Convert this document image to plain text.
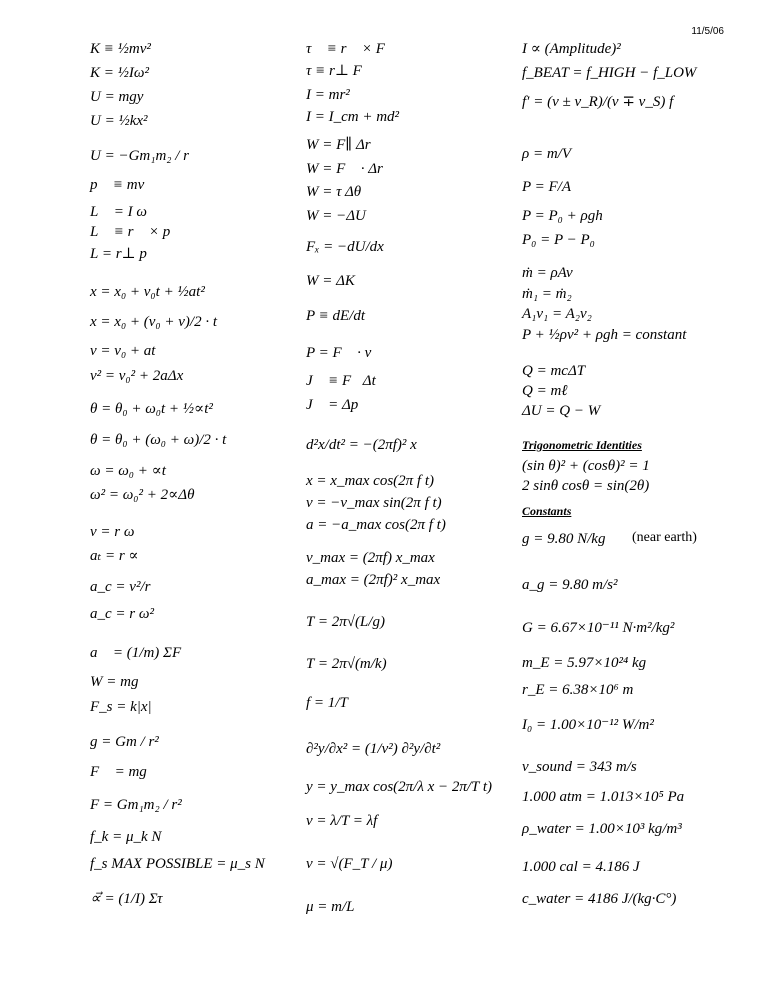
11/5/06
K ≡ ½mv²
K = ½Iω²
U = mgy
U = ½kx²
U = −Gm₁m₂ / r
p⃗ ≡ mv⃗
L⃗ = I ω⃗
L⃗ ≡ r⃗ × p⃗
L = r⊥ p
x = x₀ + v₀t + ½at²
x = x₀ + (v₀ + v)/2 · t
v = v₀ + at
v² = v₀² + 2aΔx
θ = θ₀ + ω₀t + ½∝t²
θ = θ₀ + (ω₀ + ω)/2 · t
ω = ω₀ + ∝t
ω² = ω₀² + 2∝Δθ
v = r ω
aₜ = r ∝
a_c = v²/r
a_c = r ω²
a⃗ = (1/m) ΣF⃗
W = mg
F_s = k|x|
g = Gm / r²
F⃗ = mg⃗
F = Gm₁m₂ / r²
f_k = μ_k N
f_s MAX POSSIBLE = μ_s N
∝⃗ = (1/I) Στ⃗
τ⃗ ≡ r⃗ × F⃗
τ ≡ r⊥ F
I = mr²
I = I_cm + md²
W = F∥ Δr
W = F⃗ · Δr⃗
W = τ Δθ
W = −ΔU
Fₓ = −dU/dx
W = ΔK
P ≡ dE/dt
P = F⃗ · v⃗
J⃗ ≡ F⃗Δt
J⃗ = Δp⃗
d²x/dt² = −(2πf)² x
x = x_max cos(2π f t)
v = −v_max sin(2π f t)
a = −a_max cos(2π f t)
v_max = (2πf) x_max
a_max = (2πf)² x_max
T = 2π√(L/g)
T = 2π√(m/k)
f = 1/T
∂²y/∂x² = (1/v²) ∂²y/∂t²
y = y_max cos(2π/λ x − 2π/T t)
v = λ/T = λf
v = √(F_T / μ)
μ = m/L
I ∝ (Amplitude)²
f_BEAT = f_HIGH − f_LOW
f′ = (v ± v_R)/(v ∓ v_S) f
ρ = m/V
P = F/A
P = P₀ + ρgh
P₀ = P − P₀
ṁ = ρAv
ṁ₁ = ṁ₂
A₁v₁ = A₂v₂
P + ½ρv² + ρgh = constant
Q = mcΔT
Q = mℓ
ΔU = Q − W
Trigonometric Identities
(sin θ)² + (cosθ)² = 1
2 sinθ cosθ = sin(2θ)
Constants
g = 9.80 N/kg (near earth)
a_g = 9.80 m/s²
G = 6.67×10⁻¹¹ N·m²/kg²
m_E = 5.97×10²⁴ kg
r_E = 6.38×10⁶ m
I₀ = 1.00×10⁻¹² W/m²
v_sound = 343 m/s
1.000 atm = 1.013×10⁵ Pa
ρ_water = 1.00×10³ kg/m³
1.000 cal = 4.186 J
c_water = 4186 J/(kg·C°)
